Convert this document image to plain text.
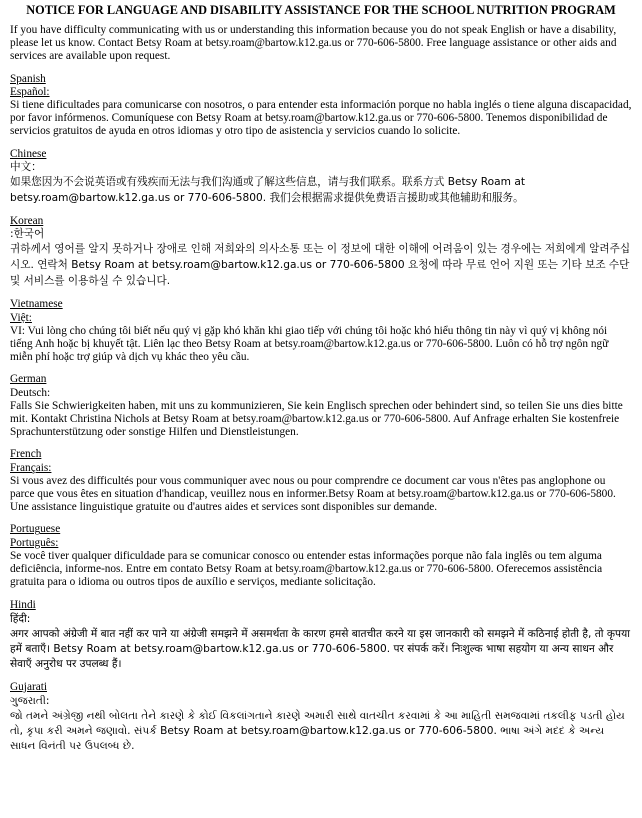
NOTICE FOR LANGUAGE AND DISABILITY ASSISTANCE FOR THE SCHOOL NUTRITION PROGRAM
If you have difficulty communicating with us or understanding this information because you do not speak English or have a disability, please let us know. Contact Betsy Roam at betsy.roam@bartow.k12.ga.us or 770-606-5800. Free language assistance or other aids and services are available upon request.
Spanish
Español:
Si tiene dificultades para comunicarse con nosotros, o para entender esta información porque no habla inglés o tiene alguna discapacidad, por favor infórmenos. Comuníquese con Betsy Roam at betsy.roam@bartow.k12.ga.us or 770-606-5800. Tenemos disponibilidad de servicios gratuitos de ayuda en otros idiomas y otro tipo de asistencia y servicios cuando lo solicite.
Chinese
中文：
如果您因为不会说英语或有残疾而无法与我们沟通或了解这些信息，请与我们联系。联系方式 Betsy Roam at betsy.roam@bartow.k12.ga.us or 770-606-5800. 我们会根据需求提供免费语言援助或其他辅助和服务。
Korean
:한국어
귀하께서 영어를 알지 못하거나 장애로 인해 저희와의 의사소통 또는 이 정보에 대한 이해에 어려움이 있는 경우에는 저희에게 알려주십시오. 연락처 Betsy Roam at betsy.roam@bartow.k12.ga.us or 770-606-5800 요청에 따라 무료 언어 지원 또는 기타 보조 수단 및 서비스를 이용하실 수 있습니다.
Vietnamese
Việt:
VI: Vui lòng cho chúng tôi biết nếu quý vị gặp khó khăn khi giao tiếp với chúng tôi hoặc khó hiểu thông tin này vì quý vị không nói tiếng Anh hoặc bị khuyết tật. Liên lạc theo Betsy Roam at betsy.roam@bartow.k12.ga.us or 770-606-5800. Luôn có hỗ trợ ngôn ngữ miễn phí hoặc trợ giúp và dịch vụ khác theo yêu cầu.
German
Deutsch:
Falls Sie Schwierigkeiten haben, mit uns zu kommunizieren, Sie kein Englisch sprechen oder behindert sind, so teilen Sie uns dies bitte mit. Kontakt Christina Nichols at Betsy Roam at betsy.roam@bartow.k12.ga.us or 770-606-5800. Auf Anfrage erhalten Sie kostenfreie Sprachunterstützung oder sonstige Hilfen und Dienstleistungen.
French
Français:
Si vous avez des difficultés pour vous communiquer avec nous ou pour comprendre ce document car vous n'êtes pas anglophone ou parce que vous êtes en situation d'handicap, veuillez nous en informer.Betsy Roam at betsy.roam@bartow.k12.ga.us or 770-606-5800. Une assistance linguistique gratuite ou d'autres aides et services sont disponibles sur demande.
Portuguese
Português:
Se você tiver qualquer dificuldade para se comunicar conosco ou entender estas informações porque não fala inglês ou tem alguma deficiência, informe-nos. Entre em contato Betsy Roam at betsy.roam@bartow.k12.ga.us or 770-606-5800. Oferecemos assistência gratuita para o idioma ou outros tipos de auxílio e serviços, mediante solicitação.
Hindi
हिंदी:
अगर आपको अंग्रेजी में बात नहीं कर पाने या अंग्रेजी समझने में असमर्थता के कारण हमसे बातचीत करने या इस जानकारी को समझने में कठिनाई होती है, तो कृपया हमें बताएँ। Betsy Roam at betsy.roam@bartow.k12.ga.us or 770-606-5800. पर संपर्क करें। निःशुल्क भाषा सहयोग या अन्य साधन और सेवाएँ अनुरोध पर उपलब्ध हैं।
Gujarati
ગુજરાતી:
જો તમને અંગ્રેજી નથી બોલતા તેને કારણે કે કોઈ વિકલાંગતાને કારણે અમારી સાથે વાતચીત કરવામાં કે આ માહિતી સમજવામાં તકલીફ પડતી હોય તો, કૃપા કરી અમને જણાવો. સંપર્ક Betsy Roam at betsy.roam@bartow.k12.ga.us or 770-606-5800. ભાષા અંગે મદદ કે અન્ય સાધન વિનંતી પર ઉપલબ્ધ છે.
